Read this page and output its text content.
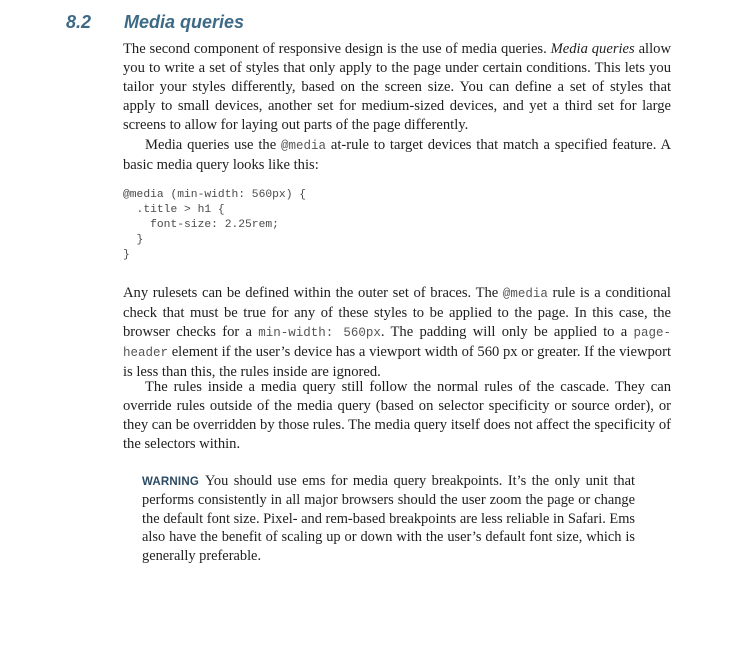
8.2 Media queries

The second component of responsive design is the use of media queries. Media queries allow you to write a set of styles that only apply to the page under certain conditions. This lets you tailor your styles differently, based on the screen size. You can define a set of styles that apply to small devices, another set for medium-sized devices, and yet a third set for large screens to allow for laying out parts of the page differently.

Media queries use the @media at-rule to target devices that match a specified feature. A basic media query looks like this:

@media (min-width: 560px) {
.title > h1 {
font-size: 2.25rem;
}
}

Any rulesets can be defined within the outer set of braces. The @media rule is a conditional check that must be true for any of these styles to be applied to the page. In this case, the browser checks for a min-width: 560px. The padding will only be applied to a page-header element if the user’s device has a viewport width of 560 px or greater. If the viewport is less than this, the rules inside are ignored.

The rules inside a media query still follow the normal rules of the cascade. They can override rules outside of the media query (based on selector specificity or source order), or they can be overridden by those rules. The media query itself does not affect the specificity of the selectors within.

WARNING You should use ems for media query breakpoints. It’s the only unit that performs consistently in all major browsers should the user zoom the page or change the default font size. Pixel- and rem-based breakpoints are less reliable in Safari. Ems also have the benefit of scaling up or down with the user’s default font size, which is generally preferable.
